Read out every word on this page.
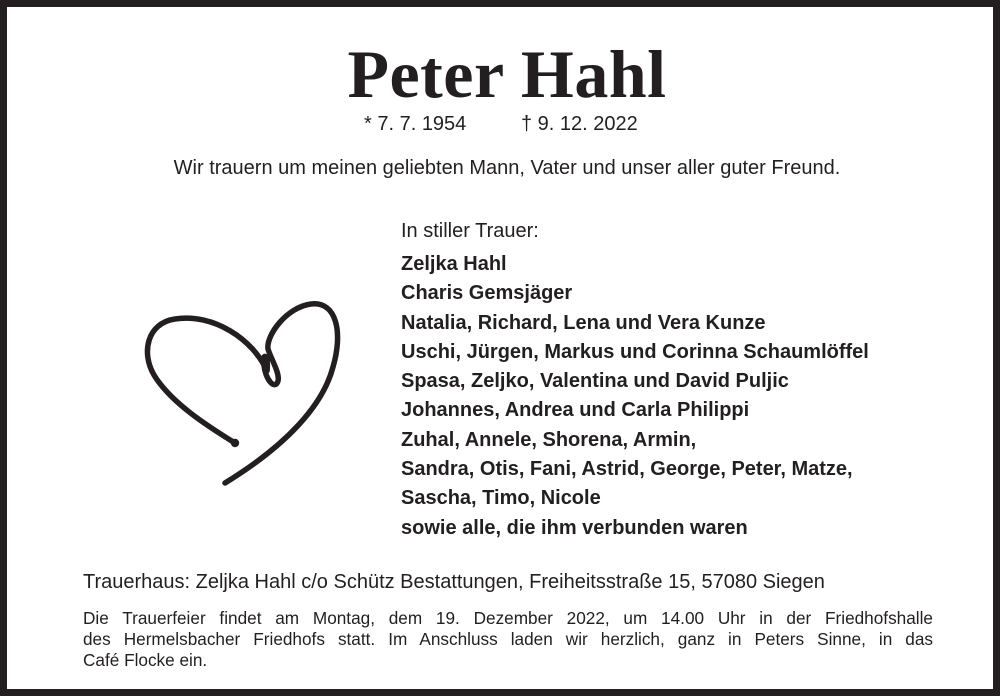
Peter Hahl
* 7. 7. 1954	† 9. 12. 2022
Wir trauern um meinen geliebten Mann, Vater und unser aller guter Freund.
In stiller Trauer:
Zeljka Hahl
Charis Gemsjäger
Natalia, Richard, Lena und Vera Kunze
Uschi, Jürgen, Markus und Corinna Schaumlöffel
Spasa, Zeljko, Valentina und David Puljic
Johannes, Andrea und Carla Philippi
Zuhal, Annele, Shorena, Armin,
Sandra, Otis, Fani, Astrid, George, Peter, Matze,
Sascha, Timo, Nicole
sowie alle, die ihm verbunden waren
Trauerhaus: Zeljka Hahl c/o Schütz Bestattungen, Freiheitsstraße 15, 57080 Siegen
Die Trauerfeier findet am Montag, dem 19. Dezember 2022, um 14.00 Uhr in der Friedhofshalle
des Hermelsbacher Friedhofs statt. Im Anschluss laden wir herzlich, ganz in Peters Sinne, in das
Café Flocke ein.
